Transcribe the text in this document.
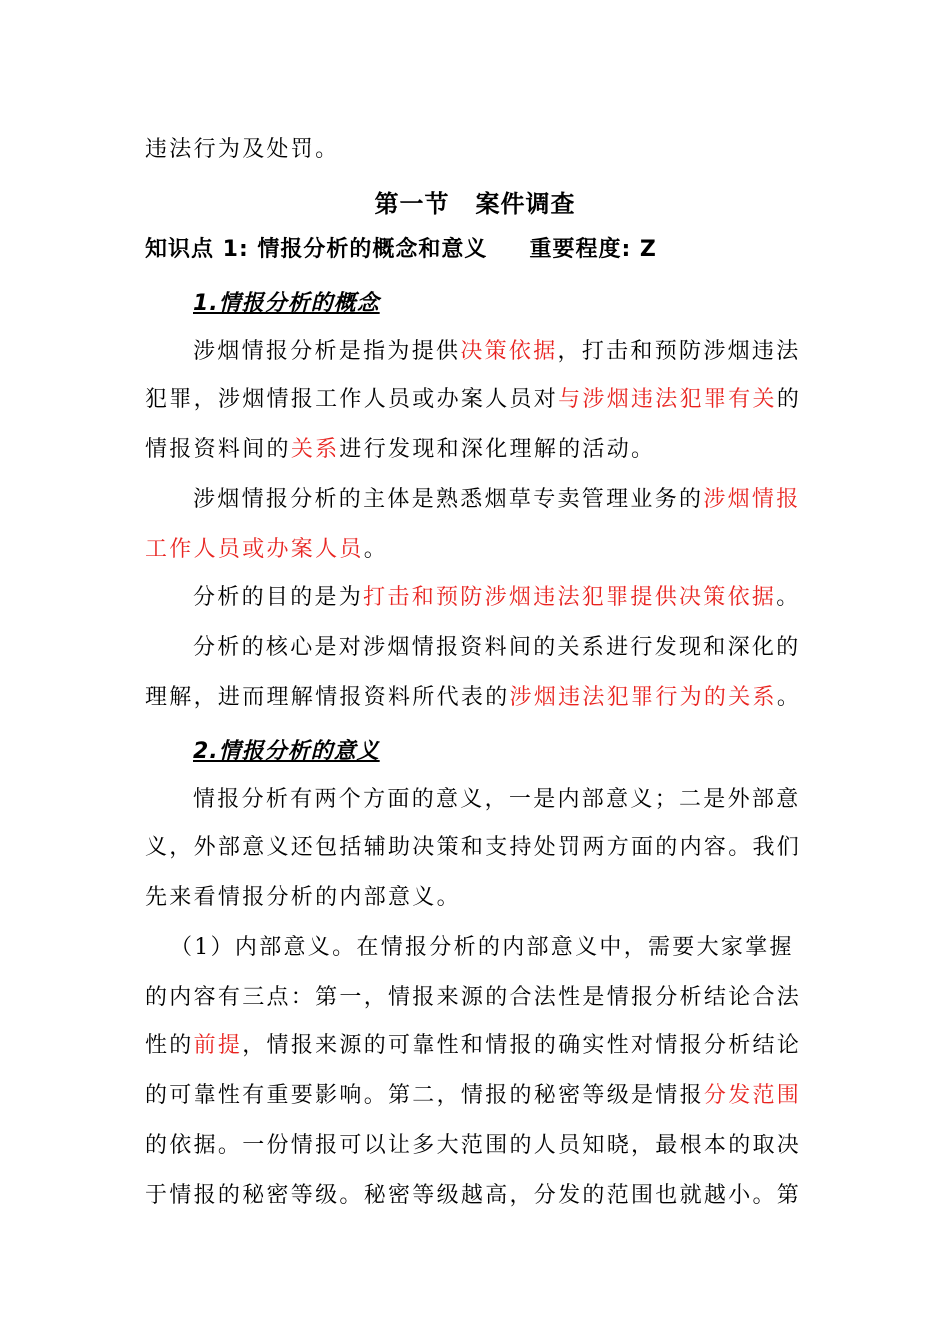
违法行为及处罚。
第一节 案件调查
知识点 1: 情报分析的概念和意义 重要程度: Z
1.情报分析的概念
涉烟情报分析是指为提供决策依据，打击和预防涉烟违法
犯罪，涉烟情报工作人员或办案人员对与涉烟违法犯罪有关的
情报资料间的关系进行发现和深化理解的活动。
涉烟情报分析的主体是熟悉烟草专卖管理业务的涉烟情报
工作人员或办案人员。
分析的目的是为打击和预防涉烟违法犯罪提供决策依据。
分析的核心是对涉烟情报资料间的关系进行发现和深化的
理解，进而理解情报资料所代表的涉烟违法犯罪行为的关系。
2.情报分析的意义
情报分析有两个方面的意义，一是内部意义；二是外部意
义，外部意义还包括辅助决策和支持处罚两方面的内容。我们
先来看情报分析的内部意义。
（1）内部意义。在情报分析的内部意义中，需要大家掌握
的内容有三点：第一，情报来源的合法性是情报分析结论合法
性的前提，情报来源的可靠性和情报的确实性对情报分析结论
的可靠性有重要影响。第二，情报的秘密等级是情报分发范围
的依据。一份情报可以让多大范围的人员知晓，最根本的取决
于情报的秘密等级。秘密等级越高，分发的范围也就越小。第
